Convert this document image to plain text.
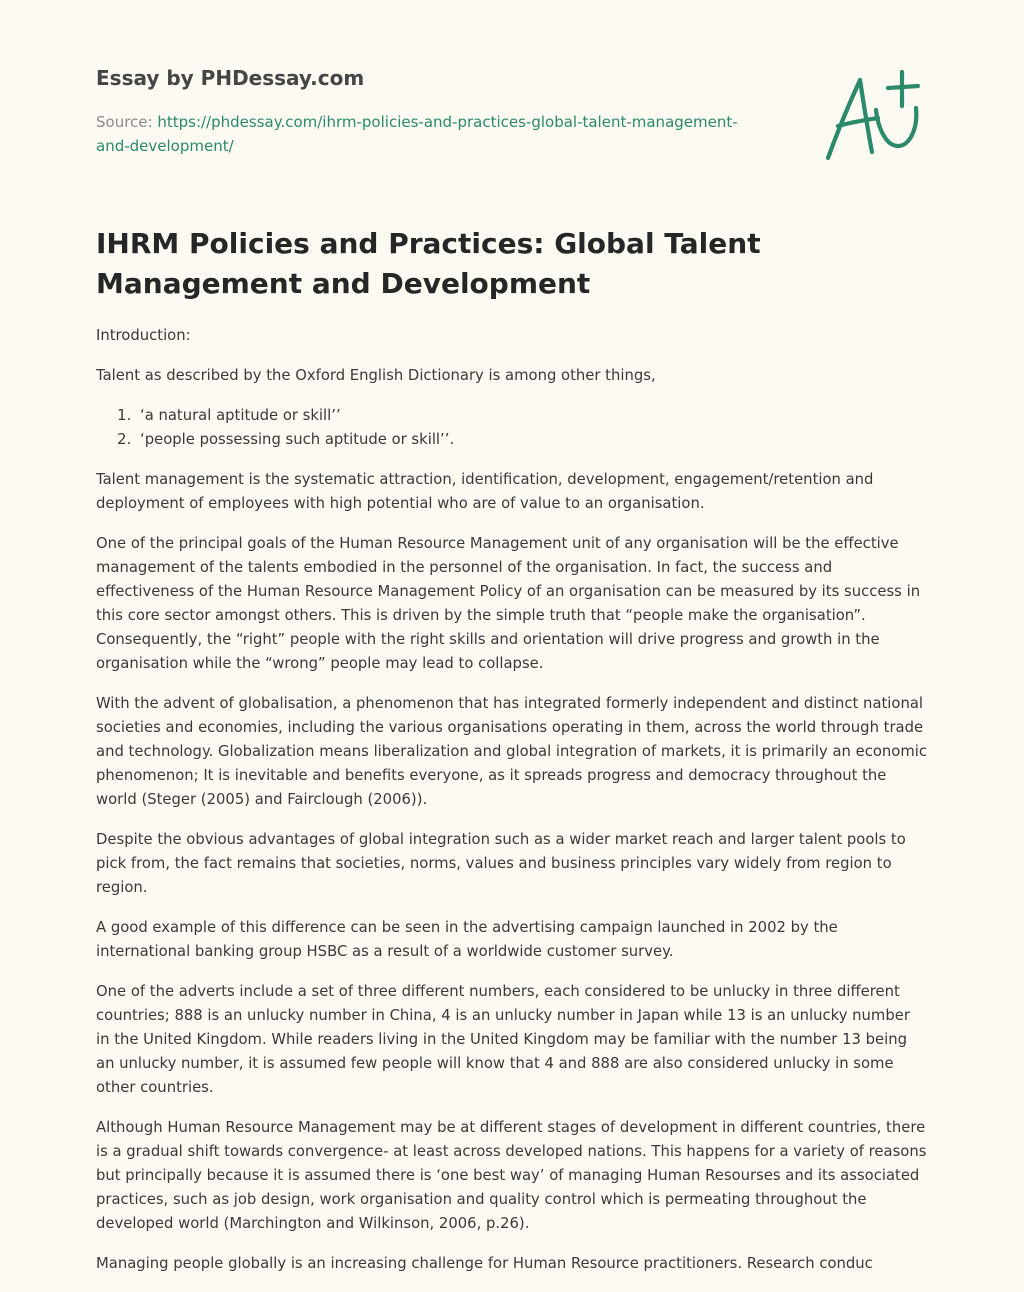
Essay by PHDessay.com
Source: https://phdessay.com/ihrm-policies-and-practices-global-talent-management-and-development/
IHRM Policies and Practices: Global Talent Management and Development

Introduction:

Talent as described by the Oxford English Dictionary is among other things,

1. ‘a natural aptitude or skill’’
2. ‘people possessing such aptitude or skill’’.

Talent management is the systematic attraction, identification, development, engagement/retention and deployment of employees with high potential who are of value to an organisation.

One of the principal goals of the Human Resource Management unit of any organisation will be the effective management of the talents embodied in the personnel of the organisation. In fact, the success and effectiveness of the Human Resource Management Policy of an organisation can be measured by its success in this core sector amongst others. This is driven by the simple truth that “people make the organisation”. Consequently, the “right” people with the right skills and orientation will drive progress and growth in the organisation while the “wrong” people may lead to collapse.

With the advent of globalisation, a phenomenon that has integrated formerly independent and distinct national societies and economies, including the various organisations operating in them, across the world through trade and technology. Globalization means liberalization and global integration of markets, it is primarily an economic phenomenon; It is inevitable and benefits everyone, as it spreads progress and democracy throughout the world (Steger (2005) and Fairclough (2006)).

Despite the obvious advantages of global integration such as a wider market reach and larger talent pools to pick from, the fact remains that societies, norms, values and business principles vary widely from region to region.

A good example of this difference can be seen in the advertising campaign launched in 2002 by the international banking group HSBC as a result of a worldwide customer survey.

One of the adverts include a set of three different numbers, each considered to be unlucky in three different countries; 888 is an unlucky number in China, 4 is an unlucky number in Japan while 13 is an unlucky number in the United Kingdom. While readers living in the United Kingdom may be familiar with the number 13 being an unlucky number, it is assumed few people will know that 4 and 888 are also considered unlucky in some other countries.

Although Human Resource Management may be at different stages of development in different countries, there is a gradual shift towards convergence- at least across developed nations. This happens for a variety of reasons but principally because it is assumed there is ‘one best way’ of managing Human Resourses and its associated practices, such as job design, work organisation and quality control which is permeating throughout the developed world (Marchington and Wilkinson, 2006, p.26).

Managing people globally is an increasing challenge for Human Resource practitioners. Research conduc
